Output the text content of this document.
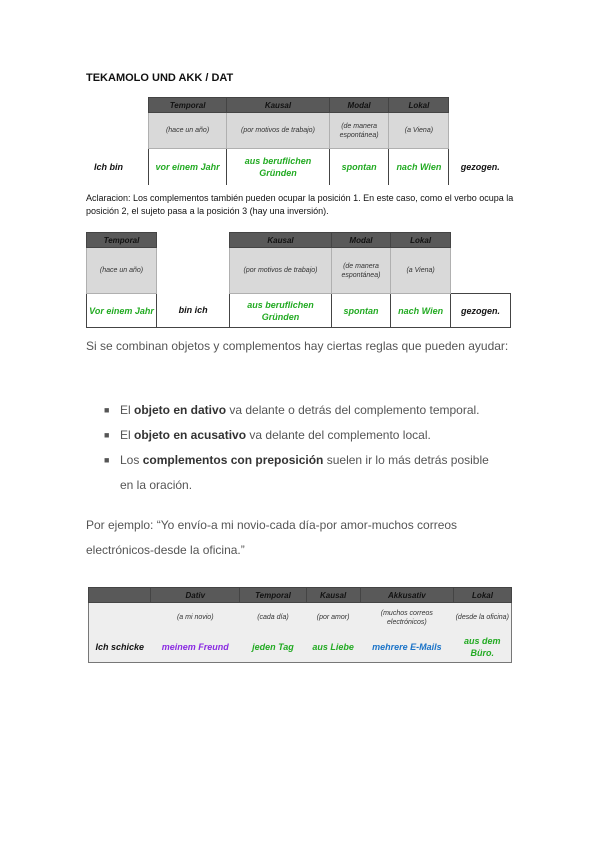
TEKAMOLO UND AKK / DAT
	Temporal	Kausal	Modal	Lokal	
	(hace un año)	(por motivos de trabajo)	(de manera espontánea)	(a Viena)	
Ich bin	vor einem Jahr	aus beruflichen Gründen	spontan	nach Wien	gezogen.
Aclaracion: Los complementos también pueden ocupar la posición 1. En este caso, como el verbo ocupa la posición 2, el sujeto pasa a la posición 3 (hay una inversión).
Temporal		Kausal	Modal	Lokal	
(hace un año)		(por motivos de trabajo)	(de manera espontánea)	(a Viena)	
Vor einem Jahr	bin ich	aus beruflichen Gründen	spontan	nach Wien	gezogen.
Si se combinan objetos y complementos hay ciertas reglas que pueden ayudar:
■ El objeto en dativo va delante o detrás del complemento temporal.
■ El objeto en acusativo va delante del complemento local.
■ Los complementos con preposición suelen ir lo más detrás posible en la oración.
Por ejemplo: “Yo envío-a mi novio-cada día-por amor-muchos correos electrónicos-desde la oficina.”
	Dativ	Temporal	Kausal	Akkusativ	Lokal
	(a mi novio)	(cada día)	(por amor)	(muchos correos electrónicos)	(desde la oficina)
Ich schicke	meinem Freund	jeden Tag	aus Liebe	mehrere E-Mails	aus dem Büro.
